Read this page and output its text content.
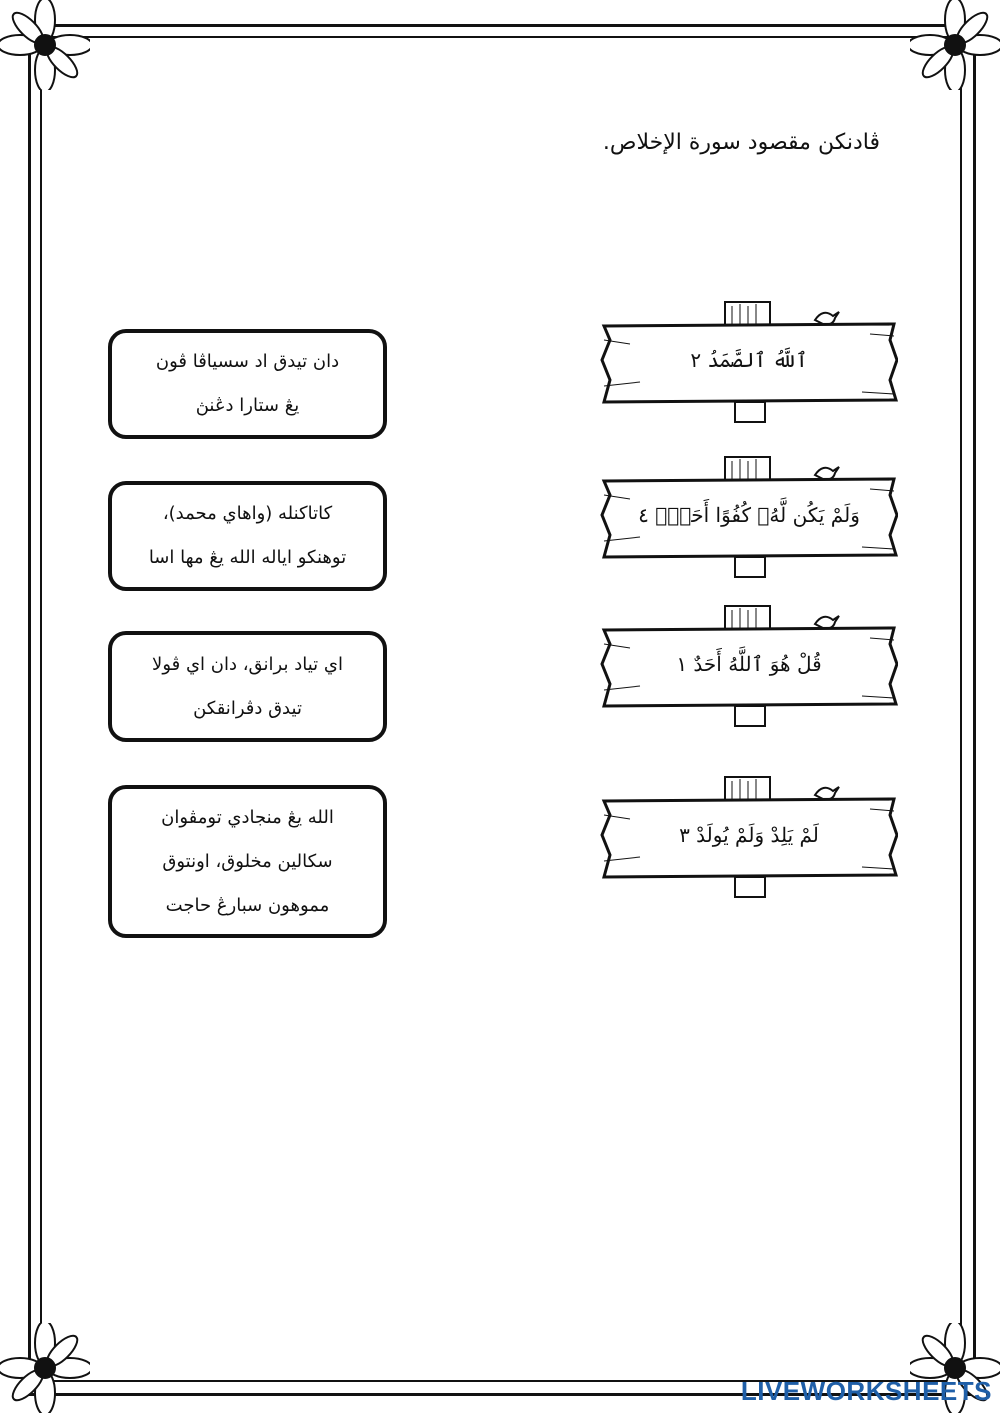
ڤادنكن مقصود سورة الإخلاص.
دان تيدق اد سسياڤا ڤون
يڠ ستارا دڠنڽ
كاتاكنله (واهاي محمد)،
توهنكو اياله الله يڠ مها اسا
اي تياد برانق، دان اي ڤولا
تيدق دڤرانقكن
الله يڠ منجادي تومڤوان
سكالين مخلوق، اونتوق
مموهون سبارڠ حاجت
ٱللَّهُ ٱلصَّمَدُ ٢
وَلَمْ يَكُن لَّهُۥ كُفُوًا أَحَدٌۢ ٤
قُلْ هُوَ ٱللَّهُ أَحَدٌ ١
لَمْ يَلِدْ وَلَمْ يُولَدْ ٣
LIVEWORKSHEETS
